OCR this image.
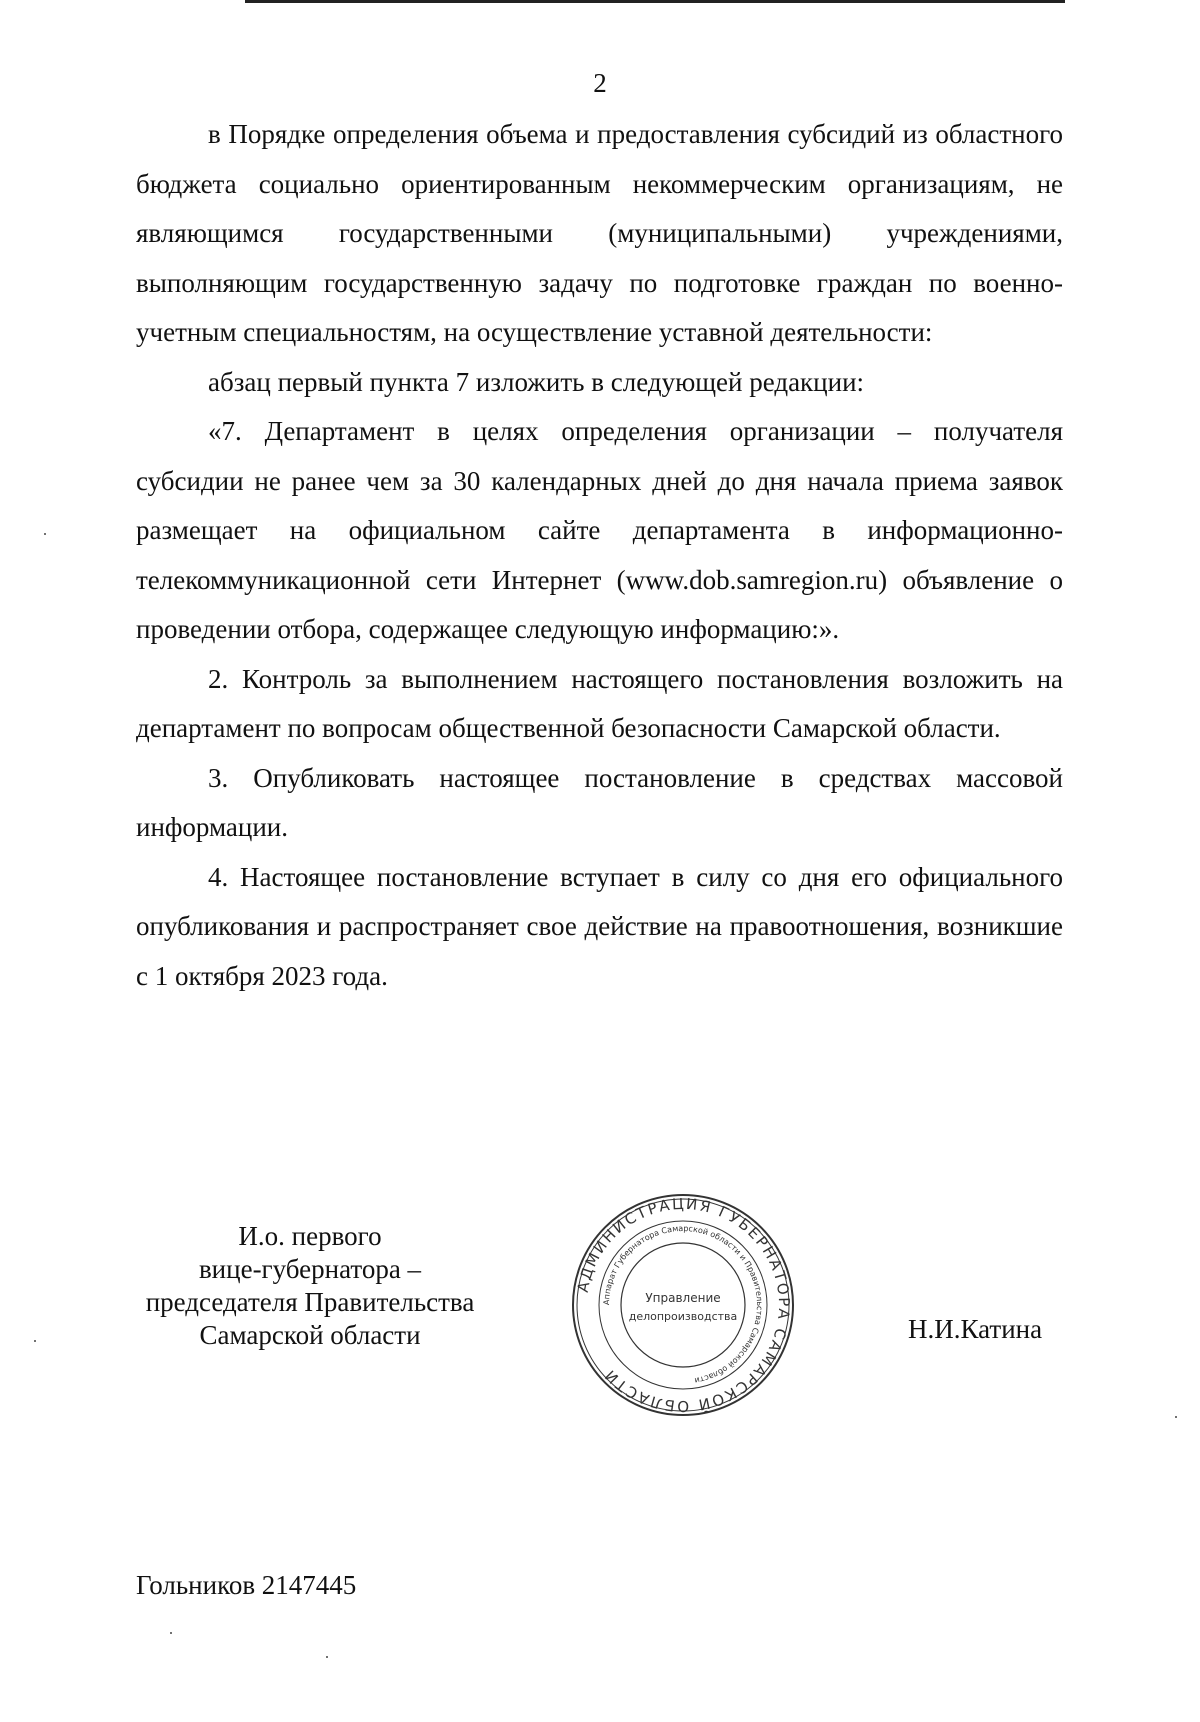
2

в Порядке определения объема и предоставления субсидий из областного бюджета социально ориентированным некоммерческим организациям, не являющимся государственными (муниципальными) учреждениями, выполняющим государственную задачу по подготовке граждан по военно-учетным специальностям, на осуществление уставной деятельности:

абзац первый пункта 7 изложить в следующей редакции:

«7. Департамент в целях определения организации – получателя субсидии не ранее чем за 30 календарных дней до дня начала приема заявок размещает на официальном сайте департамента в информационно-телекоммуникационной сети Интернет (www.dob.samregion.ru) объявление о проведении отбора, содержащее следующую информацию:».

2. Контроль за выполнением настоящего постановления возложить на департамент по вопросам общественной безопасности Самарской области.

3. Опубликовать настоящее постановление в средствах массовой информации.

4. Настоящее постановление вступает в силу со дня его официального опубликования и распространяет свое действие на правоотношения, возникшие с 1 октября 2023 года.

И.о. первого
вице-губернатора –
председателя Правительства
Самарской области
АДМИНИСТРАЦИЯ ГУБЕРНАТОРА САМАРСКОЙ ОБЛАСТИ
Аппарат Губернатора Самарской области и Правительства Самарской области
Управление
делопроизводства	Н.И.Катина
Гольников 2147445
